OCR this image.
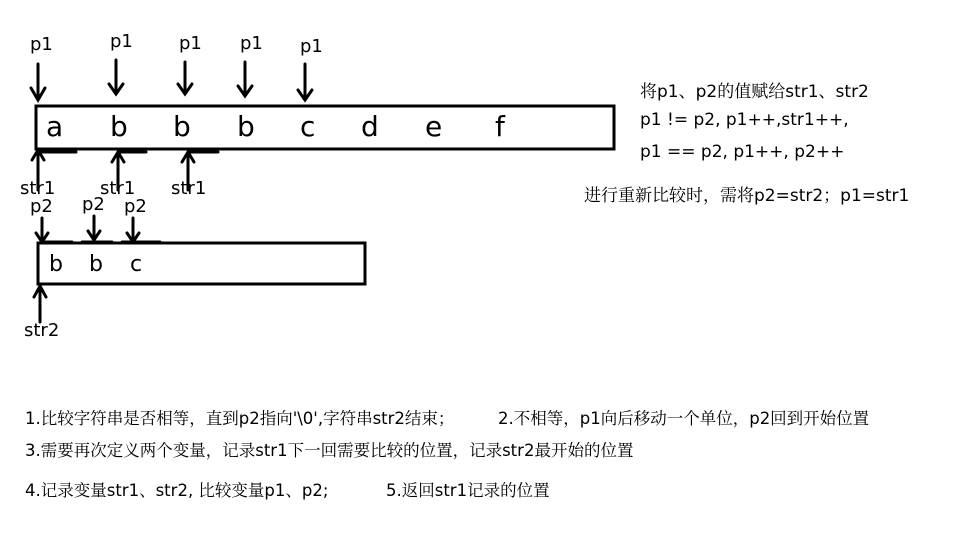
p1	p1	p1 p1 p1
a b b b c d e f
str1 str1 str1
p2 p2 p2
b b c
str2
将p1、p2的值赋给str1、str2
p1 != p2, p1++,str1++,
p1 == p2, p1++, p2++
进行重新比较时，需将p2=str2；p1=str1
1.比较字符串是否相等，直到p2指向'\0',字符串str2结束；	2.不相等，p1向后移动一个单位，p2回到开始位置
3.需要再次定义两个变量，记录str1下一回需要比较的位置，记录str2最开始的位置
4.记录变量str1、str2, 比较变量p1、p2;	5.返回str1记录的位置
